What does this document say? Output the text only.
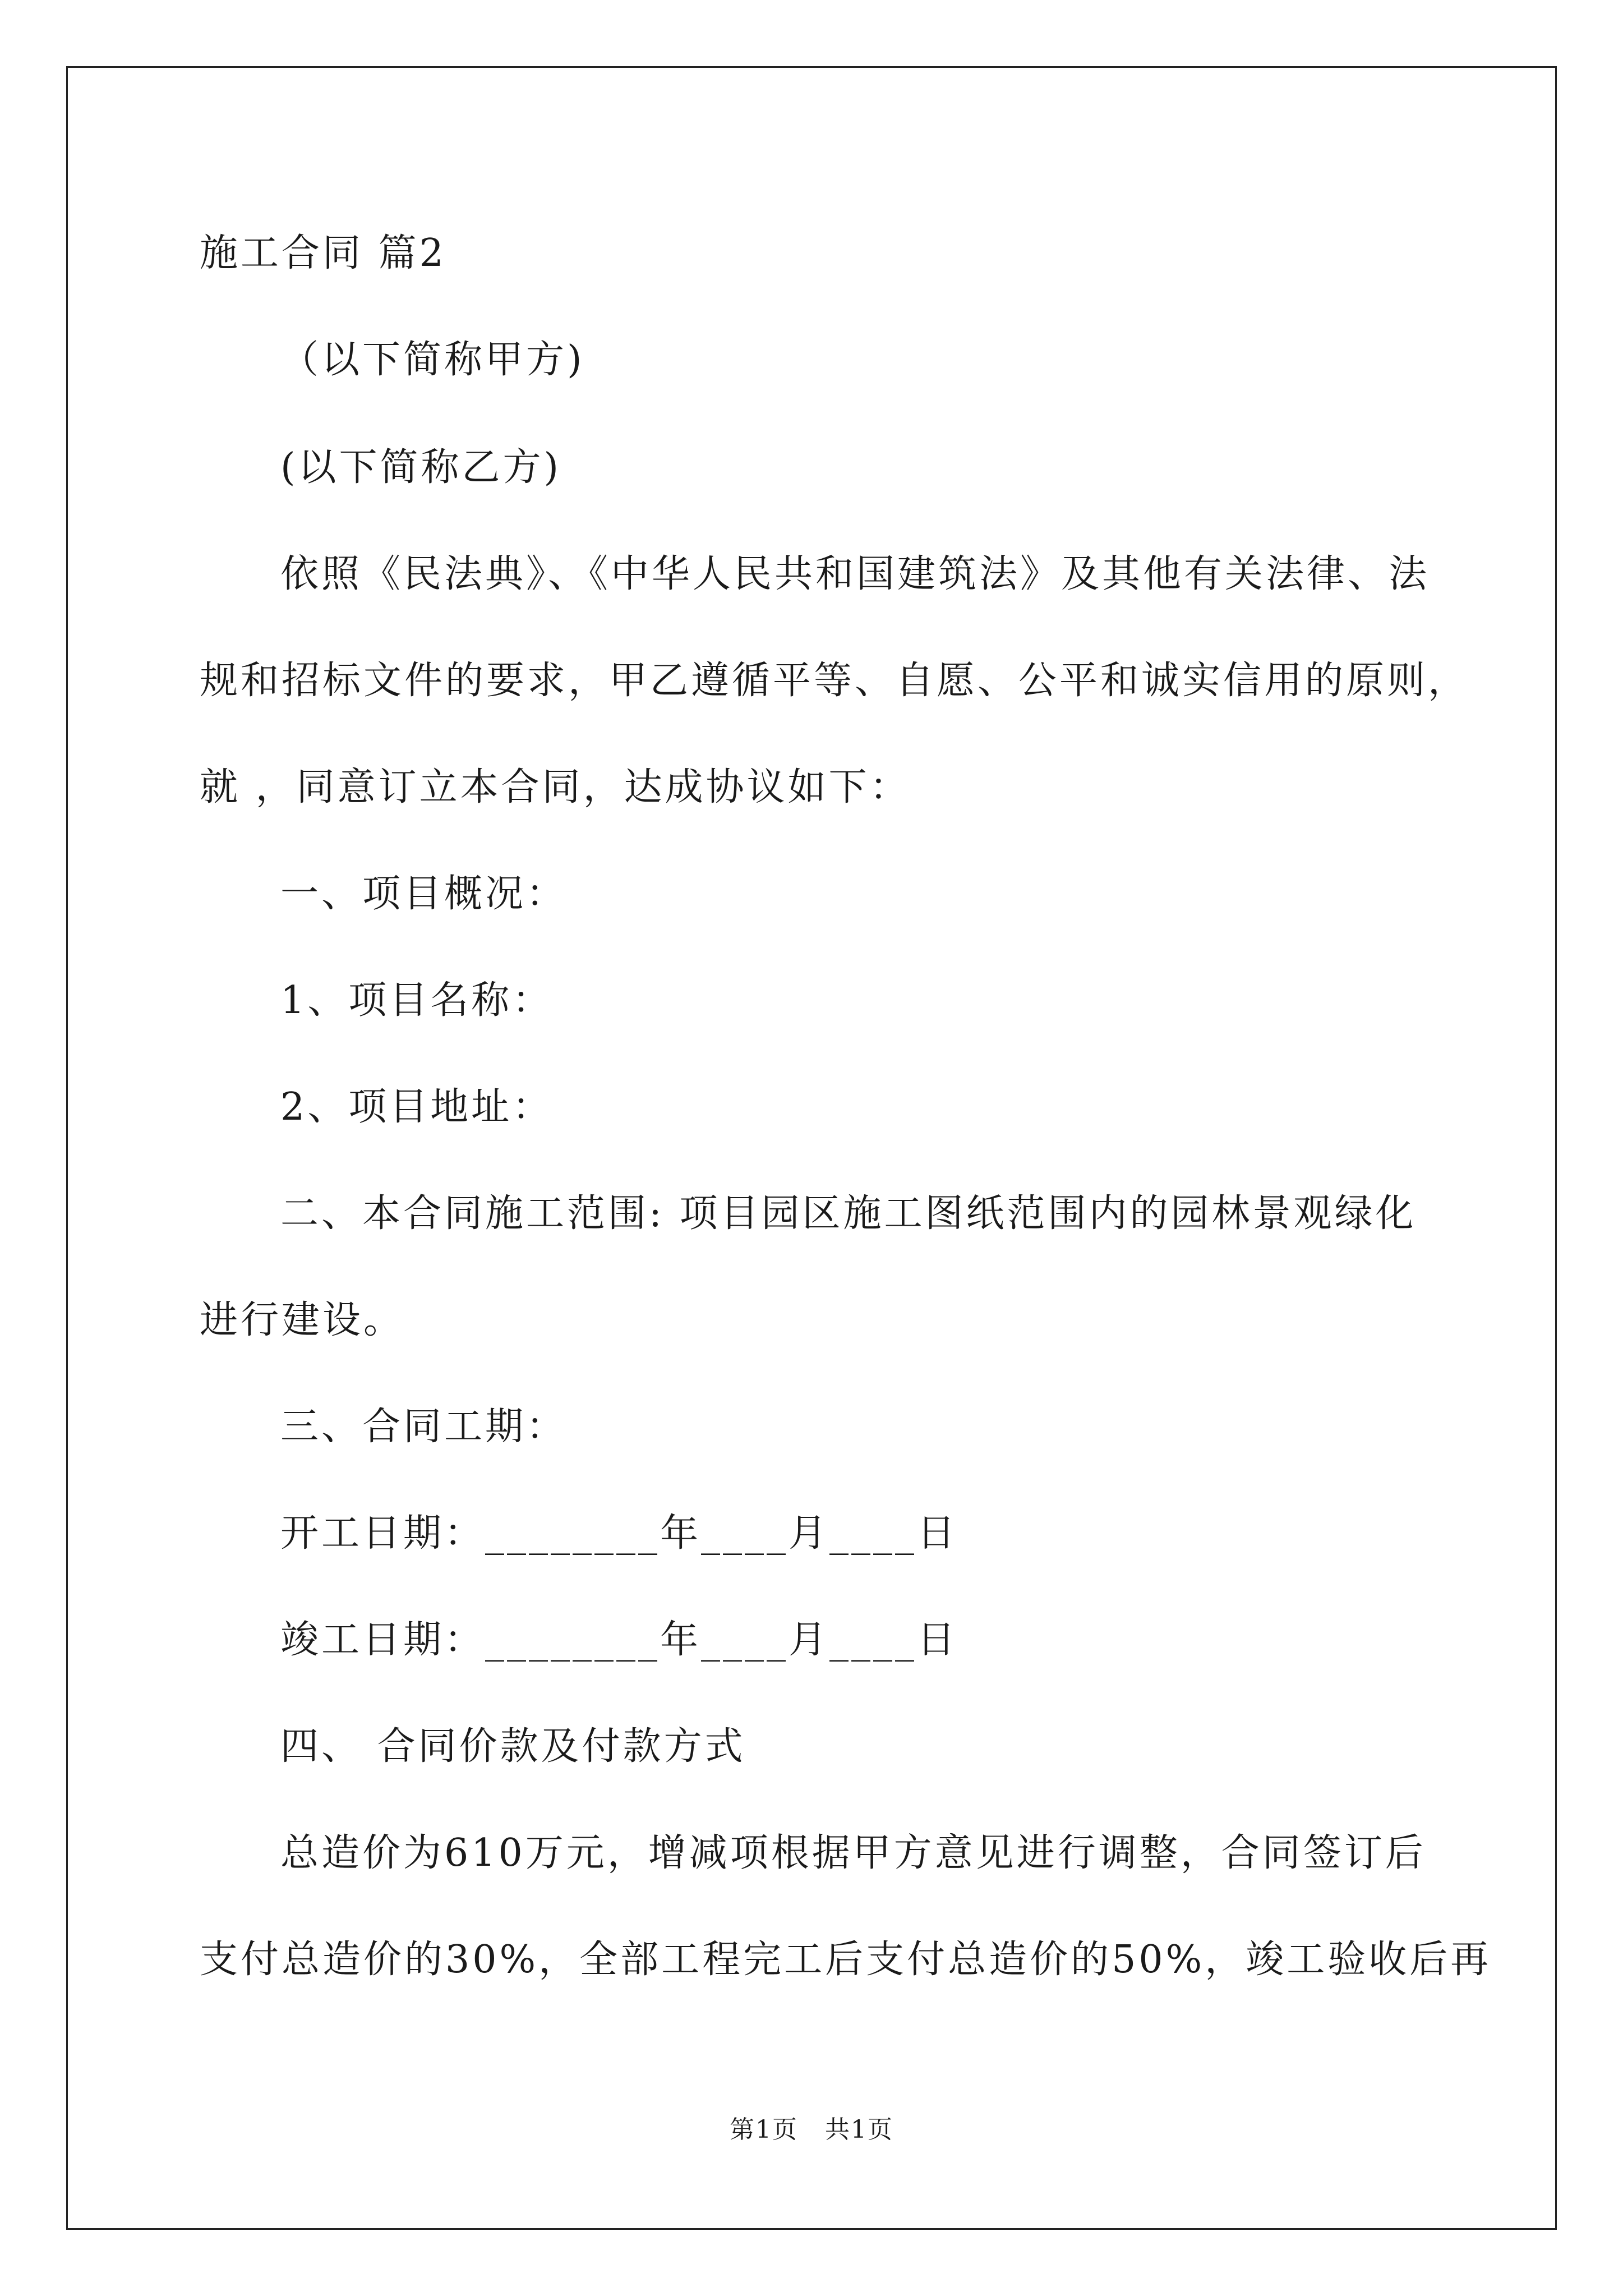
施工合同 篇2
（以下简称甲方)
(以下简称乙方)
依照《民法典》、《中华人民共和国建筑法》及其他有关法律、法
规和招标文件的要求，甲乙遵循平等、自愿、公平和诚实信用的原则，
就 ，同意订立本合同，达成协议如下：
一、项目概况：
1、项目名称：
2、项目地址：
二、本合同施工范围: 项目园区施工图纸范围内的园林景观绿化
进行建设。
三、合同工期：
开工日期：________年____月____日
竣工日期：________年____月____日
四、 合同价款及付款方式
总造价为610万元，增减项根据甲方意见进行调整，合同签订后
支付总造价的30%，全部工程完工后支付总造价的50%，竣工验收后再
第1页   共1页
